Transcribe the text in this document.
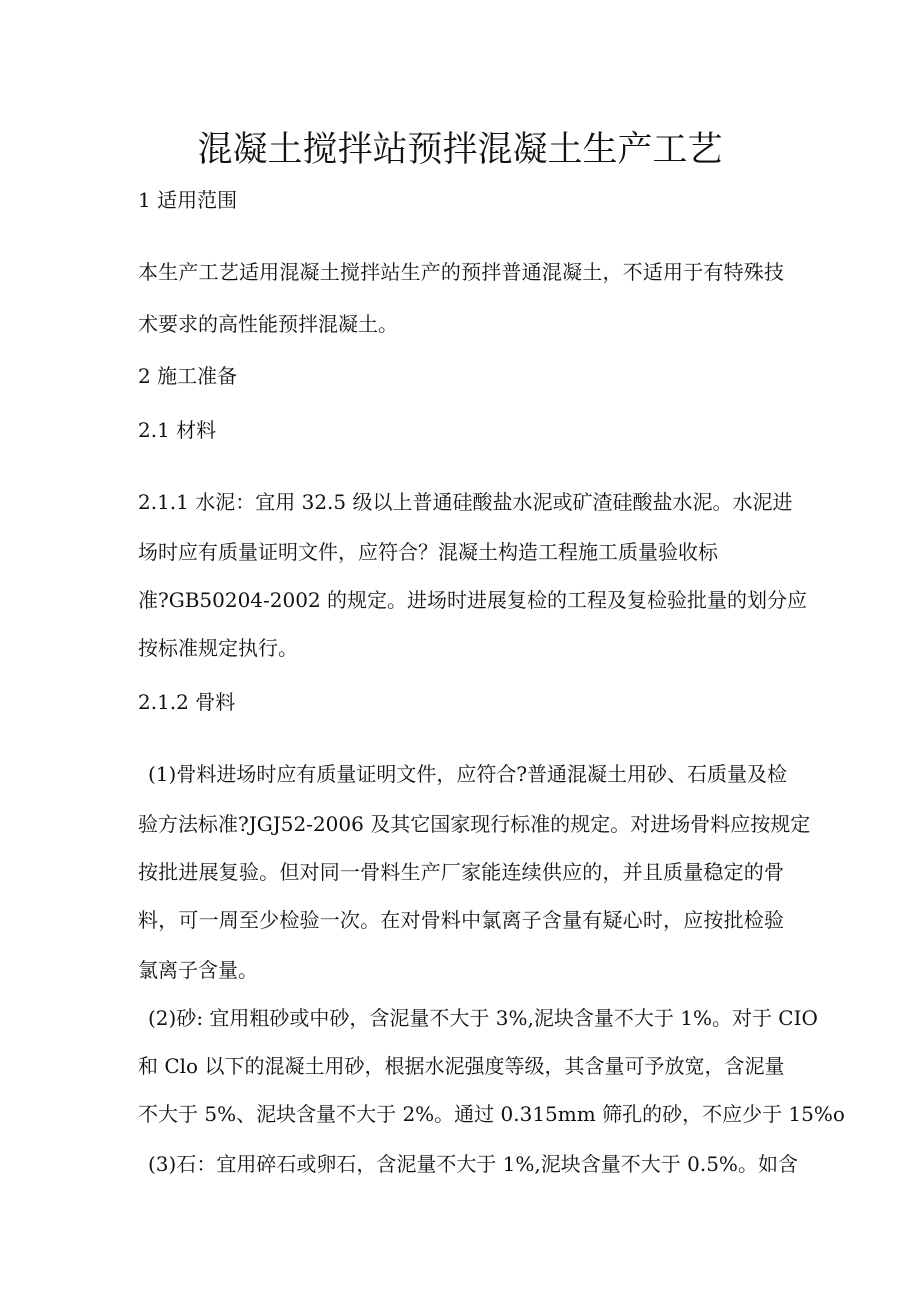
混凝土搅拌站预拌混凝土生产工艺
1 适用范围
本生产工艺适用混凝土搅拌站生产的预拌普通混凝土，不适用于有特殊技
术要求的高性能预拌混凝土。
2 施工准备
2.1 材料
2.1.1 水泥：宜用 32.5 级以上普通硅酸盐水泥或矿渣硅酸盐水泥。水泥进
场时应有质量证明文件，应符合？混凝土构造工程施工质量验收标
准?GB50204-2002 的规定。进场时进展复检的工程及复检验批量的划分应
按标准规定执行。
2.1.2 骨料
(1)骨料进场时应有质量证明文件，应符合?普通混凝土用砂、石质量及检
验方法标准?JGJ52-2006 及其它国家现行标准的规定。对进场骨料应按规定
按批进展复验。但对同一骨料生产厂家能连续供应的，并且质量稳定的骨
料，可一周至少检验一次。在对骨料中氯离子含量有疑心时，应按批检验
氯离子含量。
(2)砂: 宜用粗砂或中砂，含泥量不大于 3%,泥块含量不大于 1%。对于 CIO
和 Clo 以下的混凝土用砂，根据水泥强度等级，其含量可予放宽，含泥量
不大于 5%、泥块含量不大于 2%。通过 0.315mm 筛孔的砂，不应少于 15%o
(3)石：宜用碎石或卵石，含泥量不大于 1%,泥块含量不大于 0.5%。如含
